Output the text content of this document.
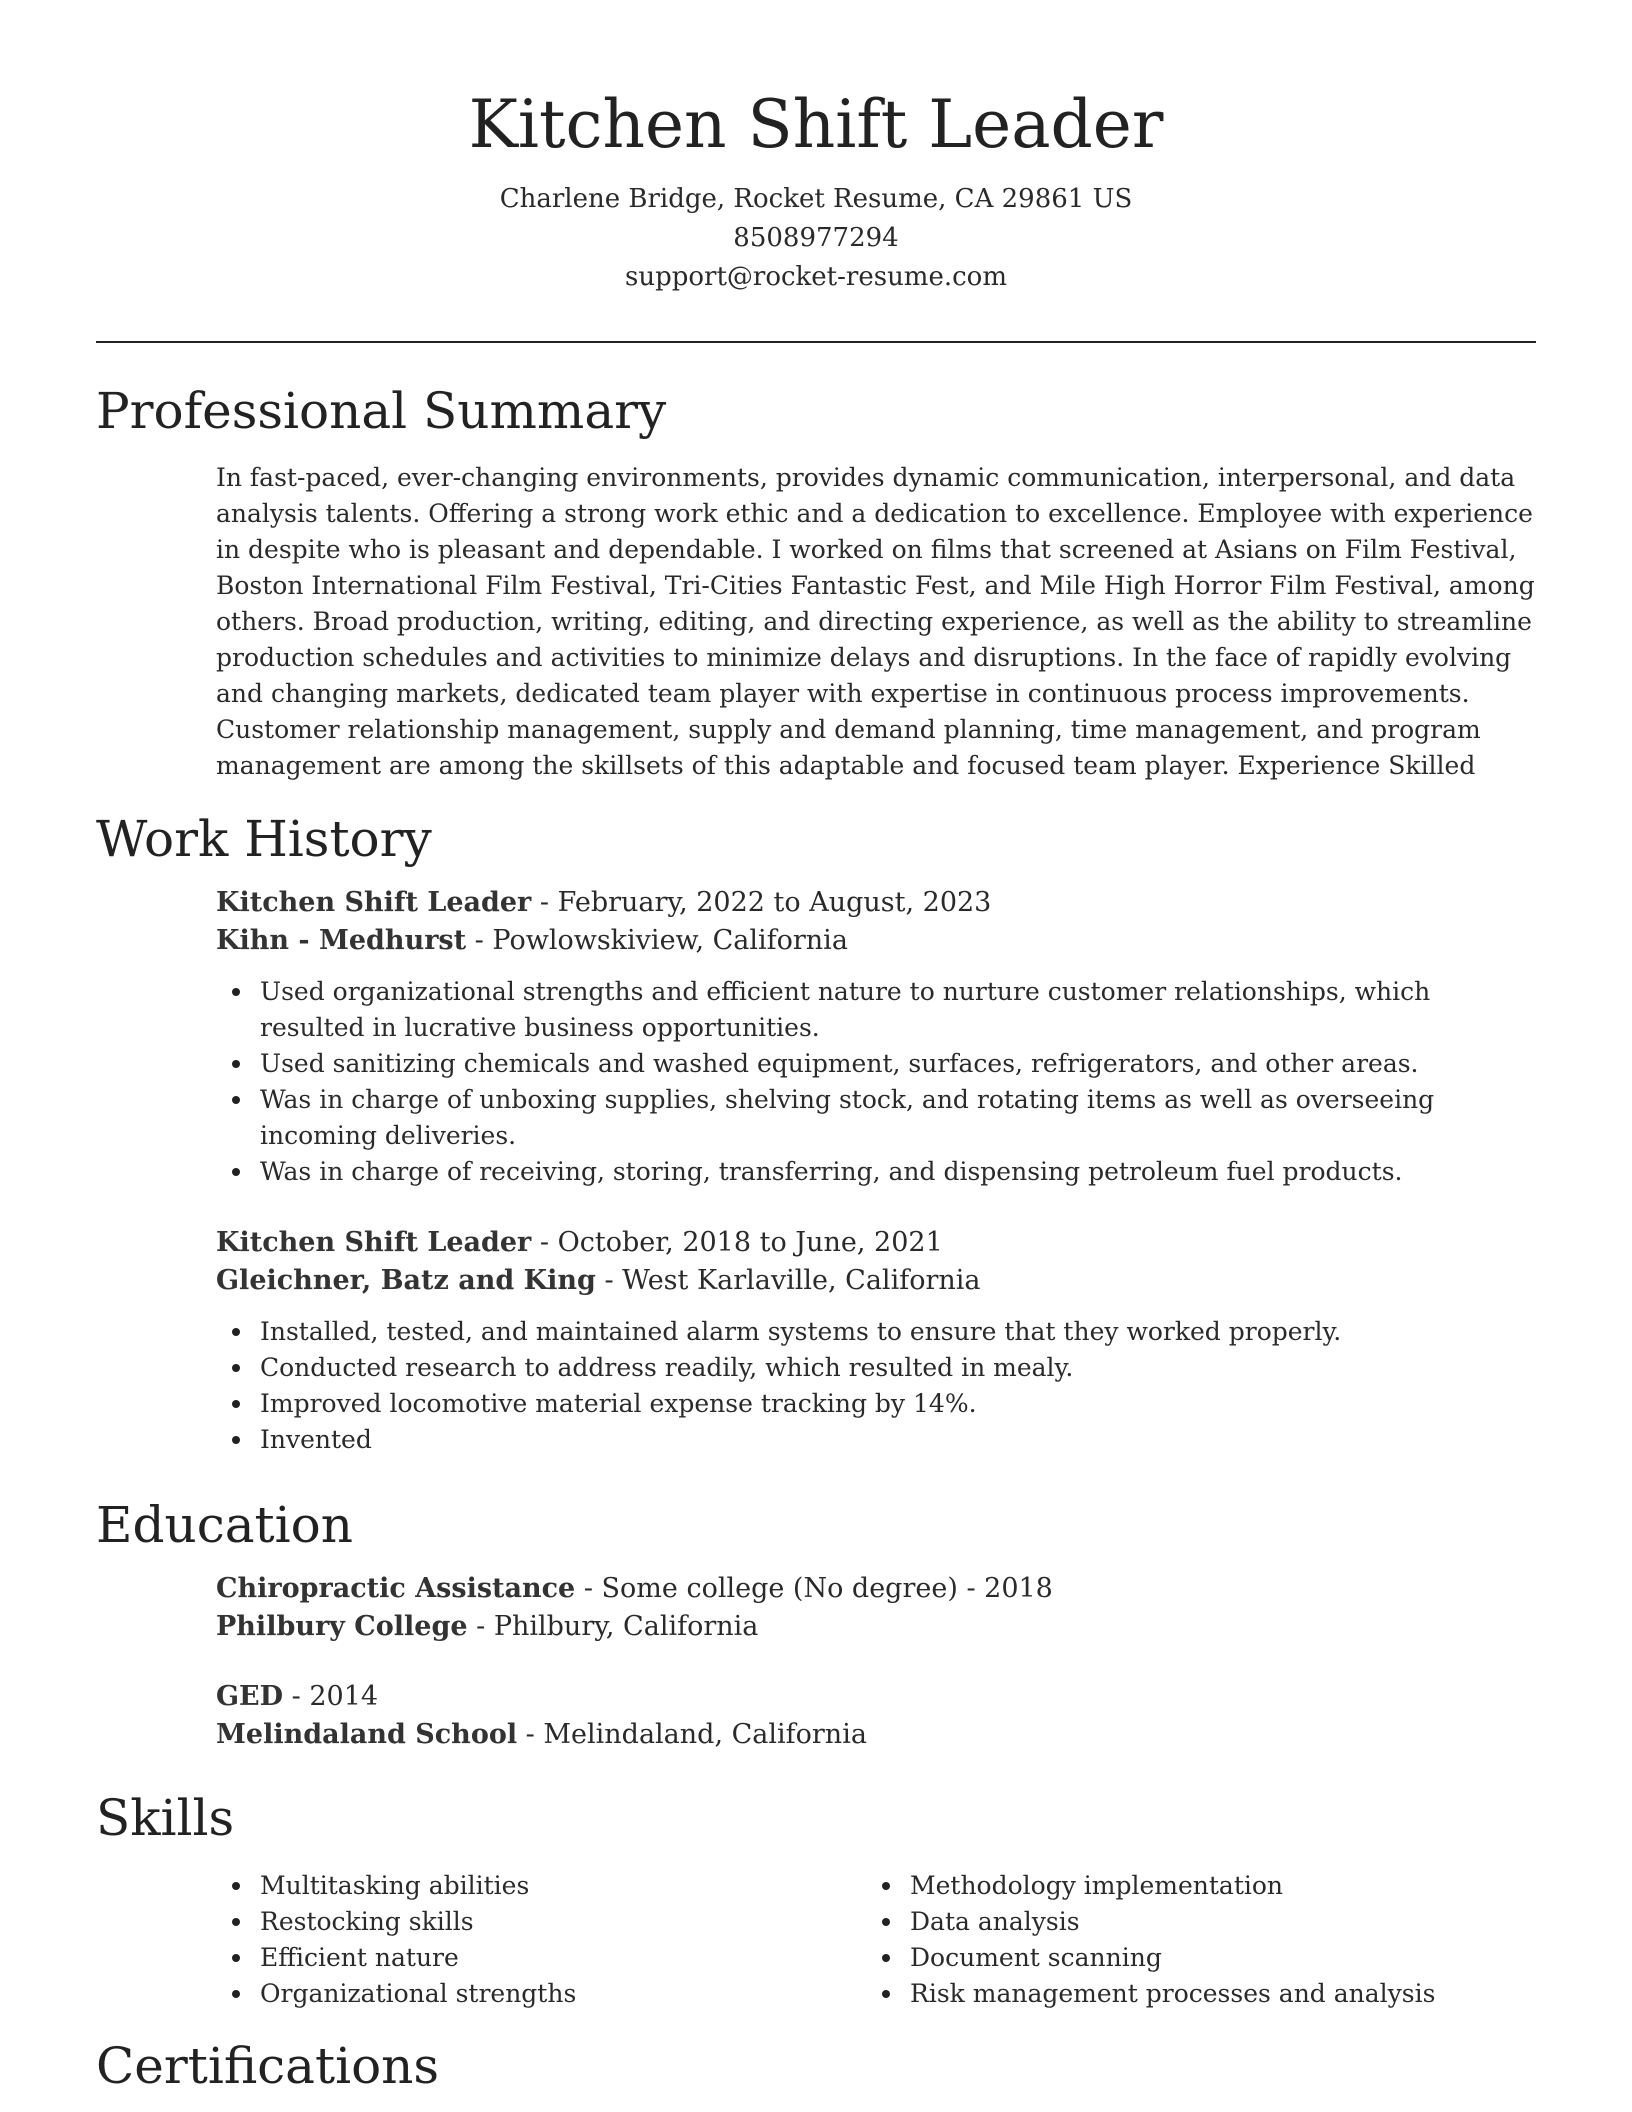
Kitchen Shift Leader
Charlene Bridge, Rocket Resume, CA 29861 US
8508977294
support@rocket-resume.com
Professional Summary

In fast-paced, ever-changing environments, provides dynamic communication, interpersonal, and data analysis talents. Offering a strong work ethic and a dedication to excellence. Employee with experience in despite who is pleasant and dependable. I worked on films that screened at Asians on Film Festival, Boston International Film Festival, Tri-Cities Fantastic Fest, and Mile High Horror Film Festival, among others. Broad production, writing, editing, and directing experience, as well as the ability to streamline production schedules and activities to minimize delays and disruptions. In the face of rapidly evolving and changing markets, dedicated team player with expertise in continuous process improvements. Customer relationship management, supply and demand planning, time management, and program management are among the skillsets of this adaptable and focused team player. Experience Skilled

Work History

Kitchen Shift Leader - February, 2022 to August, 2023

Kihn - Medhurst - Powlowskiview, California

Used organizational strengths and efficient nature to nurture customer relationships, which resulted in lucrative business opportunities.
Used sanitizing chemicals and washed equipment, surfaces, refrigerators, and other areas.
Was in charge of unboxing supplies, shelving stock, and rotating items as well as overseeing incoming deliveries.
Was in charge of receiving, storing, transferring, and dispensing petroleum fuel products.

Kitchen Shift Leader - October, 2018 to June, 2021

Gleichner, Batz and King - West Karlaville, California

Installed, tested, and maintained alarm systems to ensure that they worked properly.
Conducted research to address readily, which resulted in mealy.
Improved locomotive material expense tracking by 14%.
Invented
Education

Chiropractic Assistance - Some college (No degree) - 2018

Philbury College - Philbury, California

GED - 2014

Melindaland School - Melindaland, California

Skills
Multitasking abilities
Restocking skills
Efficient nature
Organizational strengths
Methodology implementation
Data analysis
Document scanning
Risk management processes and analysis
Certifications
